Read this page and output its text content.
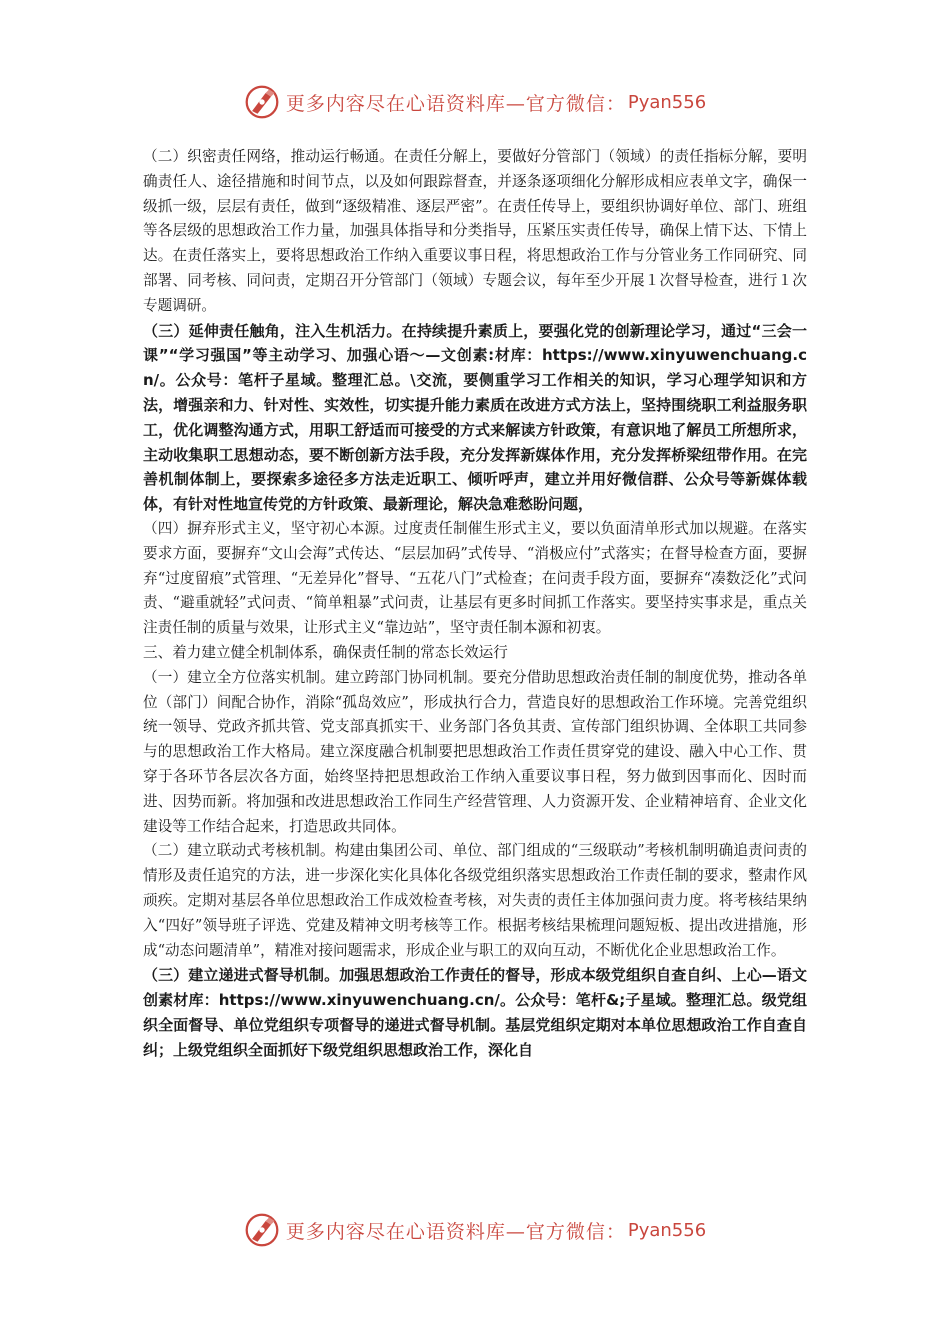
更多内容尽在心语资料库—官方微信： Pyan556

（二）织密责任网络，推动运行畅通。在责任分解上，要做好分管部门（领域）的责任指标分解，要明确责任人、途径措施和时间节点，以及如何跟踪督查，并逐条逐项细化分解形成相应表单文字，确保一级抓一级，层层有责任，做到“逐级精准、逐层严密”。在责任传导上，要组织协调好单位、部门、班组等各层级的思想政治工作力量，加强具体指导和分类指导，压紧压实责任传导，确保上情下达、下情上达。在责任落实上，要将思想政治工作纳入重要议事日程，将思想政治工作与分管业务工作同研究、同部署、同考核、同问责，定期召开分管部门（领域）专题会议，每年至少开展１次督导检查，进行１次专题调研。

（三）延伸责任触角，注入生机活力。在持续提升素质上，要强化党的创新理论学习，通过“三会一课”“学习强国”等主动学习、加强心语～—文创素:材库：https://www.xinyuwenchuang.cn/。公众号：笔杆子星域。整理汇总。\交流，要侧重学习工作相关的知识，学习心理学知识和方法，增强亲和力、针对性、实效性，切实提升能力素质在改进方式方法上，坚持围绕职工利益服务职工，优化调整沟通方式，用职工舒适而可接受的方式来解读方针政策，有意识地了解员工所想所求，主动收集职工思想动态，要不断创新方法手段，充分发挥新媒体作用，充分发挥桥梁纽带作用。在完善机制体制上，要探索多途径多方法走近职工、倾听呼声，建立并用好微信群、公众号等新媒体载体，有针对性地宣传党的方针政策、最新理论，解决急难愁盼问题，

（四）摒弃形式主义，坚守初心本源。过度责任制催生形式主义，要以负面清单形式加以规避。在落实要求方面，要摒弃“文山会海”式传达、“层层加码”式传导、“消极应付”式落实；在督导检查方面，要摒弃“过度留痕”式管理、“无差异化”督导、“五花八门”式检查；在问责手段方面，要摒弃“凑数泛化”式问责、“避重就轻”式问责、“简单粗暴”式问责，让基层有更多时间抓工作落实。要坚持实事求是，重点关注责任制的质量与效果，让形式主义“靠边站”，坚守责任制本源和初衷。

三、着力建立健全机制体系，确保责任制的常态长效运行

（一）建立全方位落实机制。建立跨部门协同机制。要充分借助思想政治责任制的制度优势，推动各单位（部门）间配合协作，消除“孤岛效应”，形成执行合力，营造良好的思想政治工作环境。完善党组织统一领导、党政齐抓共管、党支部真抓实干、业务部门各负其责、宣传部门组织协调、全体职工共同参与的思想政治工作大格局。建立深度融合机制要把思想政治工作责任贯穿党的建设、融入中心工作、贯穿于各环节各层次各方面，始终坚持把思想政治工作纳入重要议事日程，努力做到因事而化、因时而进、因势而新。将加强和改进思想政治工作同生产经营管理、人力资源开发、企业精神培育、企业文化建设等工作结合起来，打造思政共同体。

（二）建立联动式考核机制。构建由集团公司、单位、部门组成的“三级联动”考核机制明确追责问责的情形及责任追究的方法，进一步深化实化具体化各级党组织落实思想政治工作责任制的要求，整肃作风顽疾。定期对基层各单位思想政治工作成效检查考核，对失责的责任主体加强问责力度。将考核结果纳入“四好”领导班子评选、党建及精神文明考核等工作。根据考核结果梳理问题短板、提出改进措施，形成“动态问题清单”，精准对接问题需求，形成企业与职工的双向互动，不断优化企业思想政治工作。

（三）建立递进式督导机制。加强思想政治工作责任的督导，形成本级党组织自查自纠、上心—语文创素材库：https://www.xinyuwenchuang.cn/。公众号：笔杆&;子星域。整理汇总。级党组织全面督导、单位党组织专项督导的递进式督导机制。基层党组织定期对本单位思想政治工作自查自纠；上级党组织全面抓好下级党组织思想政治工作，深化自

更多内容尽在心语资料库—官方微信： Pyan556
